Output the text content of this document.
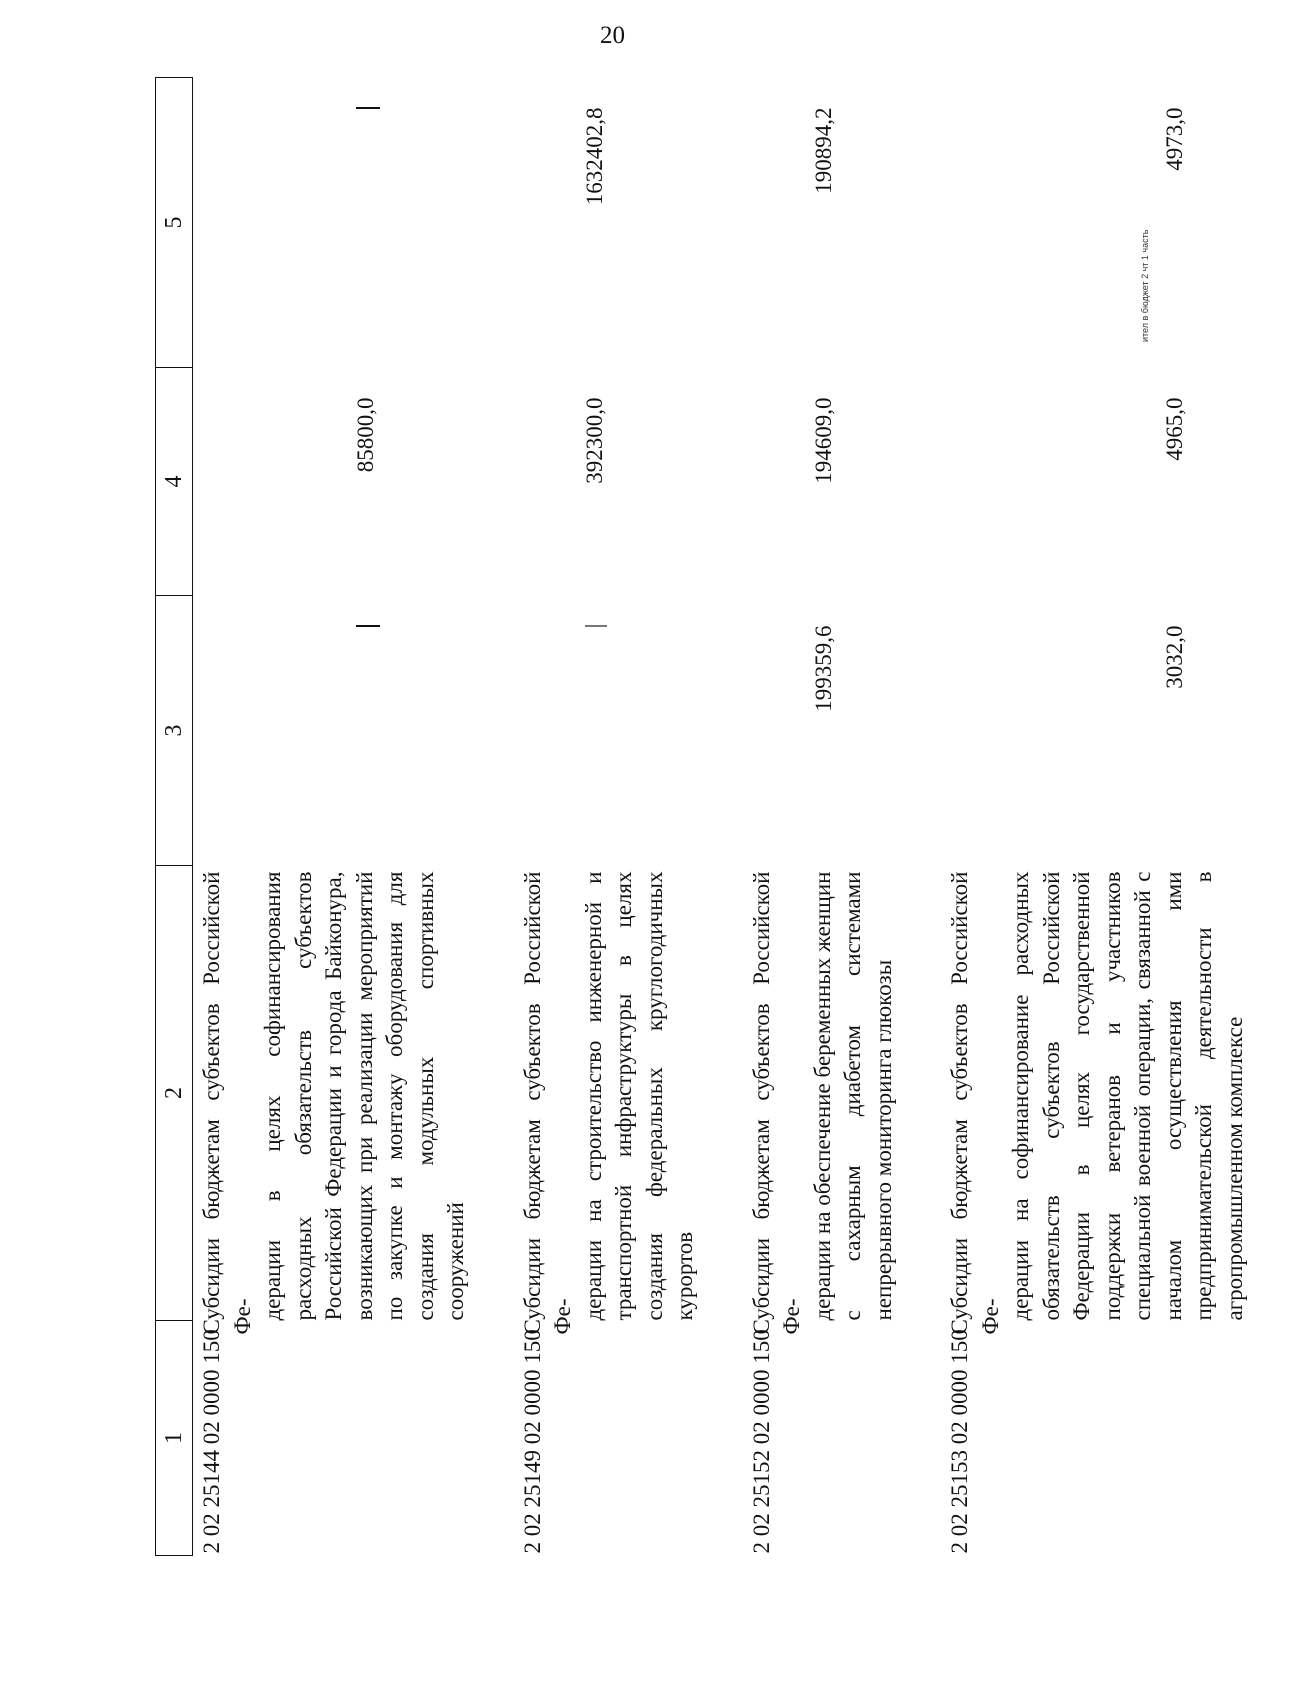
20
ител в бюджет 2 чт 1 часть
1	2	3	4	5
2 02 25144 02 0000 150	Субсидии бюджетам субъектов Российской Фе- дерации в целях софинансирования расходных обязательств субъектов Российской Федерации и города Байконура, возникающих при реализации мероприятий по закупке и монтажу оборудования для создания модульных спортивных сооружений		85800,0	

2 02 25149 02 0000 150	Субсидии бюджетам субъектов Российской Фе- дерации на строительство инженерной и транспортной инфраструктуры в целях создания федеральных круглогодичных курортов		392300,0	1632402,8

2 02 25152 02 0000 150	Субсидии бюджетам субъектов Российской Фе- дерации на обеспечение беременных женщин с сахарным диабетом системами непрерывного мониторинга глюкозы	199359,6	194609,0	190894,2

2 02 25153 02 0000 150	Субсидии бюджетам субъектов Российской Фе- дерации на софинансирование расходных обязательств субъектов Российской Федерации в целях государственной поддержки ветеранов и участников специальной военной операции, связанной с началом осуществления ими предпринимательской деятельности в агропромышленном комплексе	3032,0	4965,0	4973,0
